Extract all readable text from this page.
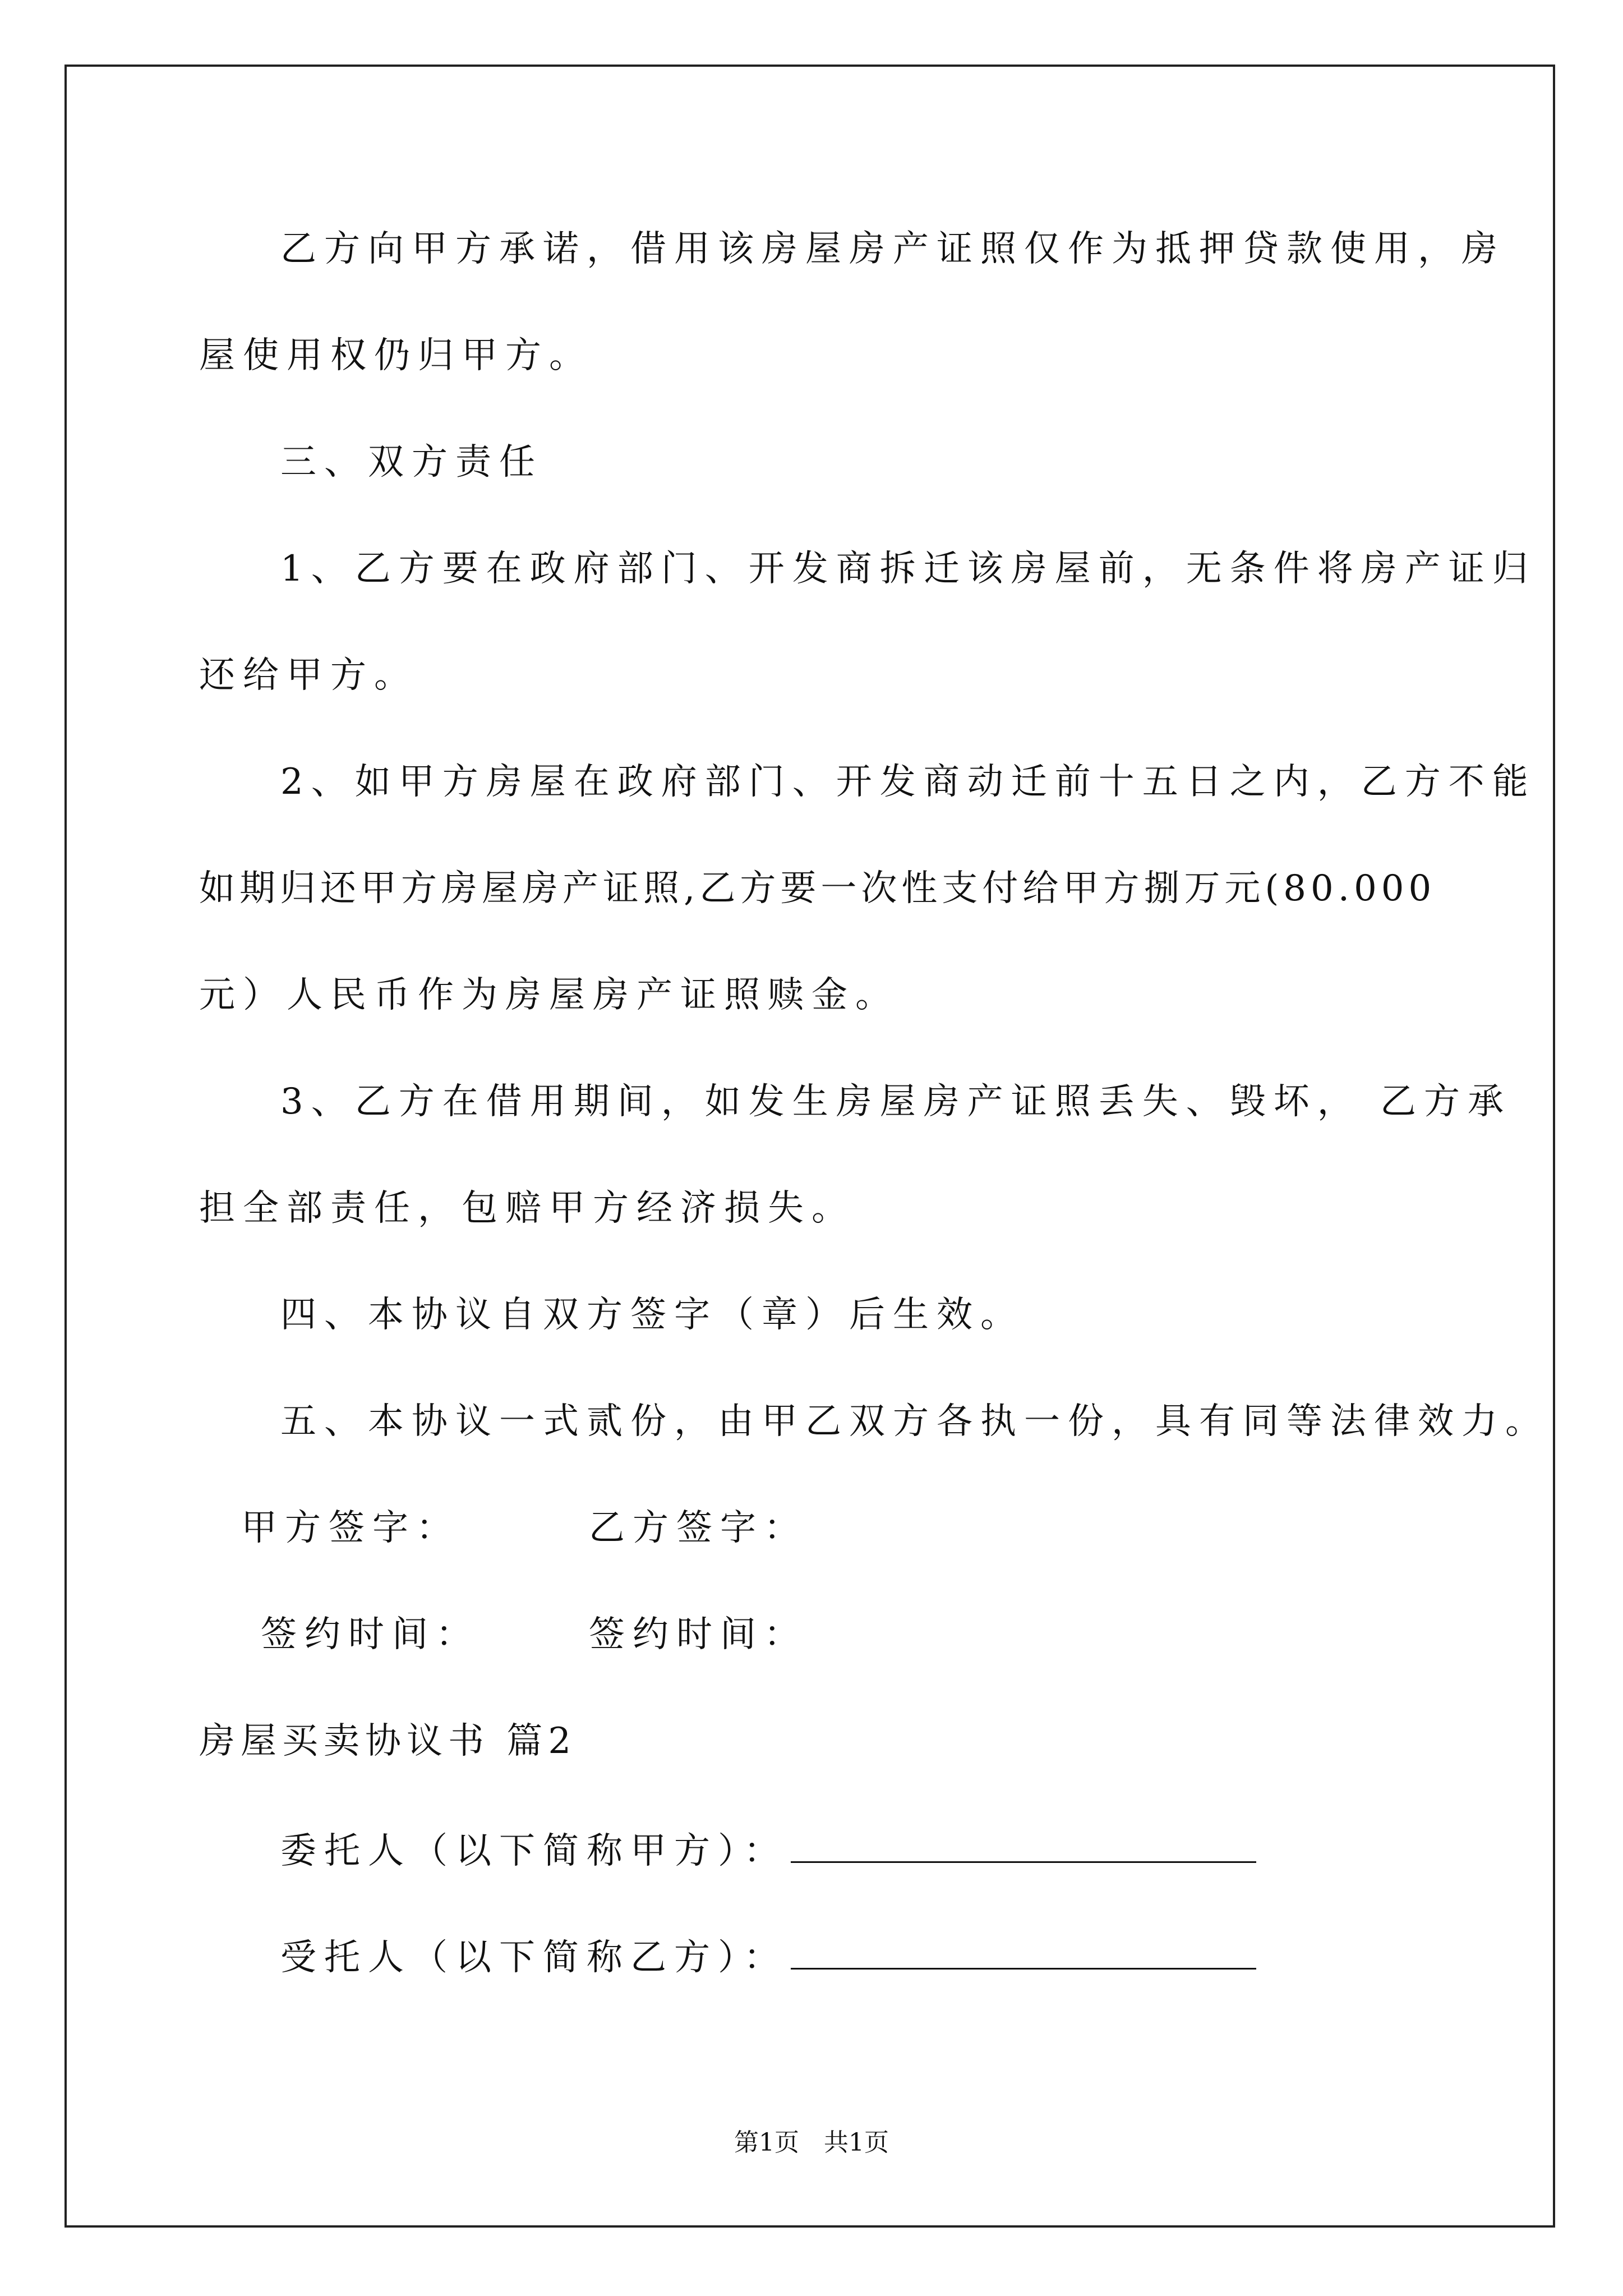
乙方向甲方承诺，借用该房屋房产证照仅作为抵押贷款使用，房
屋使用权仍归甲方。
三、双方责任
1、乙方要在政府部门、开发商拆迁该房屋前，无条件将房产证归
还给甲方。
2、如甲方房屋在政府部门、开发商动迁前十五日之内，乙方不能
如期归还甲方房屋房产证照,乙方要一次性支付给甲方捌万元(80.000
元）人民币作为房屋房产证照赎金。
3、乙方在借用期间，如发生房屋房产证照丢失、毁坏， 乙方承
担全部责任，包赔甲方经济损失。
四、本协议自双方签字（章）后生效。
五、本协议一式贰份，由甲乙双方各执一份，具有同等法律效力。
甲方签字：	乙方签字：
签约时间：	签约时间：
房屋买卖协议书 篇2
委托人（以下简称甲方）：
受托人（以下简称乙方）：
第1页　共1页
